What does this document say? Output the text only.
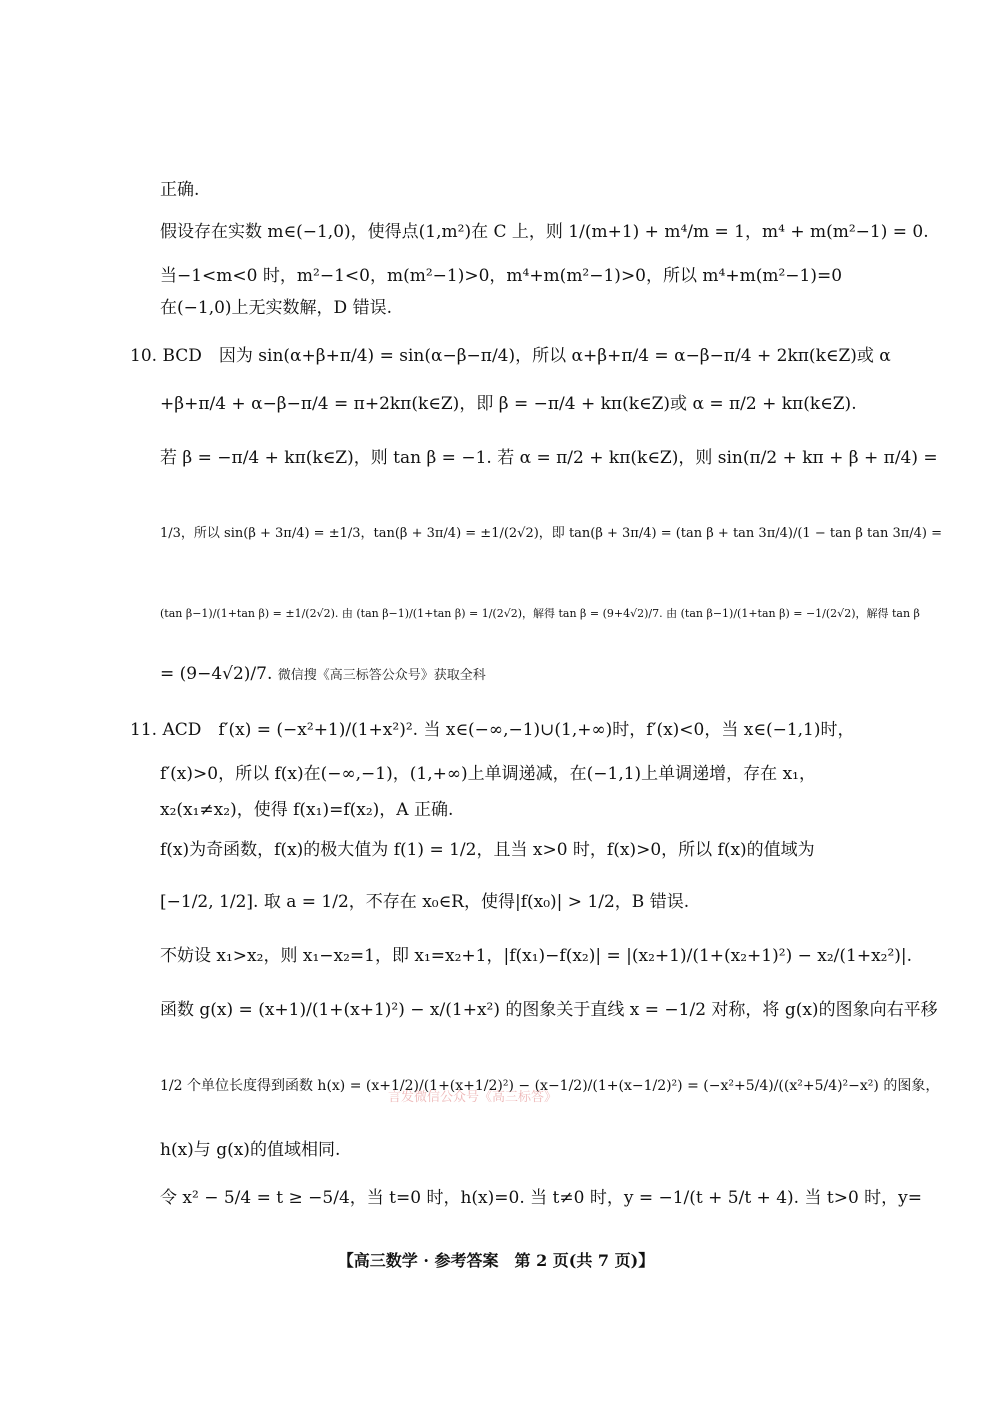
正确.
假设存在实数 m∈(−1,0)，使得点(1,m²)在 C 上，则 1/(m+1) + m⁴/m = 1，m⁴ + m(m²−1) = 0.
当−1<m<0 时，m²−1<0，m(m²−1)>0，m⁴+m(m²−1)>0，所以 m⁴+m(m²−1)=0
在(−1,0)上无实数解，D 错误.
10. BCD　因为 sin(α+β+π/4) = sin(α−β−π/4)，所以 α+β+π/4 = α−β−π/4 + 2kπ(k∈Z)或 α
+β+π/4 + α−β−π/4 = π+2kπ(k∈Z)，即 β = −π/4 + kπ(k∈Z)或 α = π/2 + kπ(k∈Z).
若 β = −π/4 + kπ(k∈Z)，则 tan β = −1. 若 α = π/2 + kπ(k∈Z)，则 sin(π/2 + kπ + β + π/4) =
1/3，所以 sin(β + 3π/4) = ±1/3，tan(β + 3π/4) = ±1/(2√2)，即 tan(β + 3π/4) = (tan β + tan 3π/4)/(1 − tan β tan 3π/4) =
(tan β−1)/(1+tan β) = ±1/(2√2). 由 (tan β−1)/(1+tan β) = 1/(2√2)，解得 tan β = (9+4√2)/7. 由 (tan β−1)/(1+tan β) = −1/(2√2)，解得 tan β
= (9−4√2)/7. 微信搜《高三标答公众号》获取全科
11. ACD　f′(x) = (−x²+1)/(1+x²)². 当 x∈(−∞,−1)∪(1,+∞)时，f′(x)<0，当 x∈(−1,1)时，
f′(x)>0，所以 f(x)在(−∞,−1)，(1,+∞)上单调递减，在(−1,1)上单调递增，存在 x₁，
x₂(x₁≠x₂)，使得 f(x₁)=f(x₂)，A 正确.
f(x)为奇函数，f(x)的极大值为 f(1) = 1/2，且当 x>0 时，f(x)>0，所以 f(x)的值域为
[−1/2, 1/2]. 取 a = 1/2，不存在 x₀∈R，使得|f(x₀)| > 1/2，B 错误.
不妨设 x₁>x₂，则 x₁−x₂=1，即 x₁=x₂+1，|f(x₁)−f(x₂)| = |(x₂+1)/(1+(x₂+1)²) − x₂/(1+x₂²)|.
函数 g(x) = (x+1)/(1+(x+1)²) − x/(1+x²) 的图象关于直线 x = −1/2 对称，将 g(x)的图象向右平移
1/2 个单位长度得到函数 h(x) = (x+1/2)/(1+(x+1/2)²) − (x−1/2)/(1+(x−1/2)²) = (−x²+5/4)/((x²+5/4)²−x²) 的图象，
h(x)与 g(x)的值域相同.
令 x² − 5/4 = t ≥ −5/4，当 t=0 时，h(x)=0. 当 t≠0 时，y = −1/(t + 5/t + 4). 当 t>0 时，y=
言发微信公众号《高三标答》
【高三数学 · 参考答案　第 2 页(共 7 页)】
